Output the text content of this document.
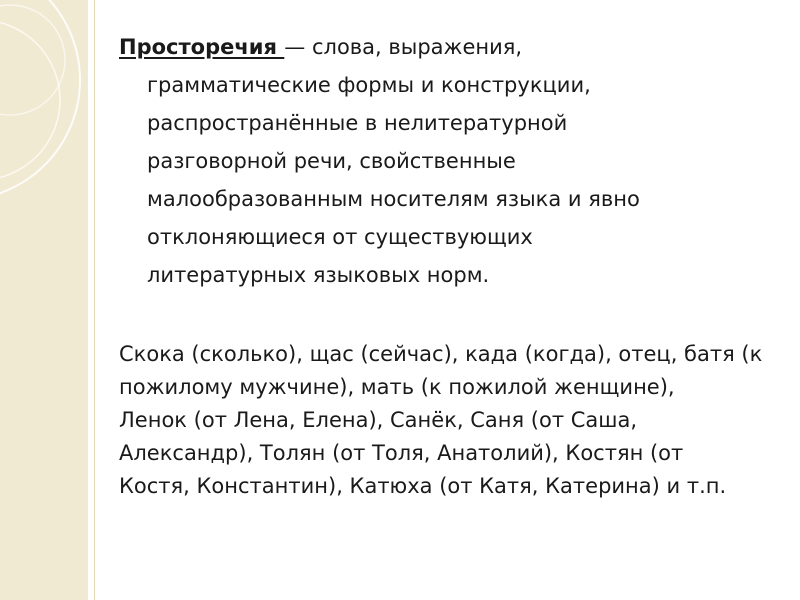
Просторечия — слова, выражения,
грамматические формы и конструкции,
распространённые в нелитературной
разговорной речи, свойственные
малообразованным носителям языка и явно
отклоняющиеся от существующих
литературных языковых норм.
Скока (сколько), щас (сейчас), када (когда), отец, батя (к
пожилому мужчине), мать (к пожилой женщине),
Ленок (от Лена, Елена), Санёк, Саня (от Саша,
Александр), Толян (от Толя, Анатолий), Костян (от
Костя, Константин), Катюха (от Катя, Катерина) и т.п.
